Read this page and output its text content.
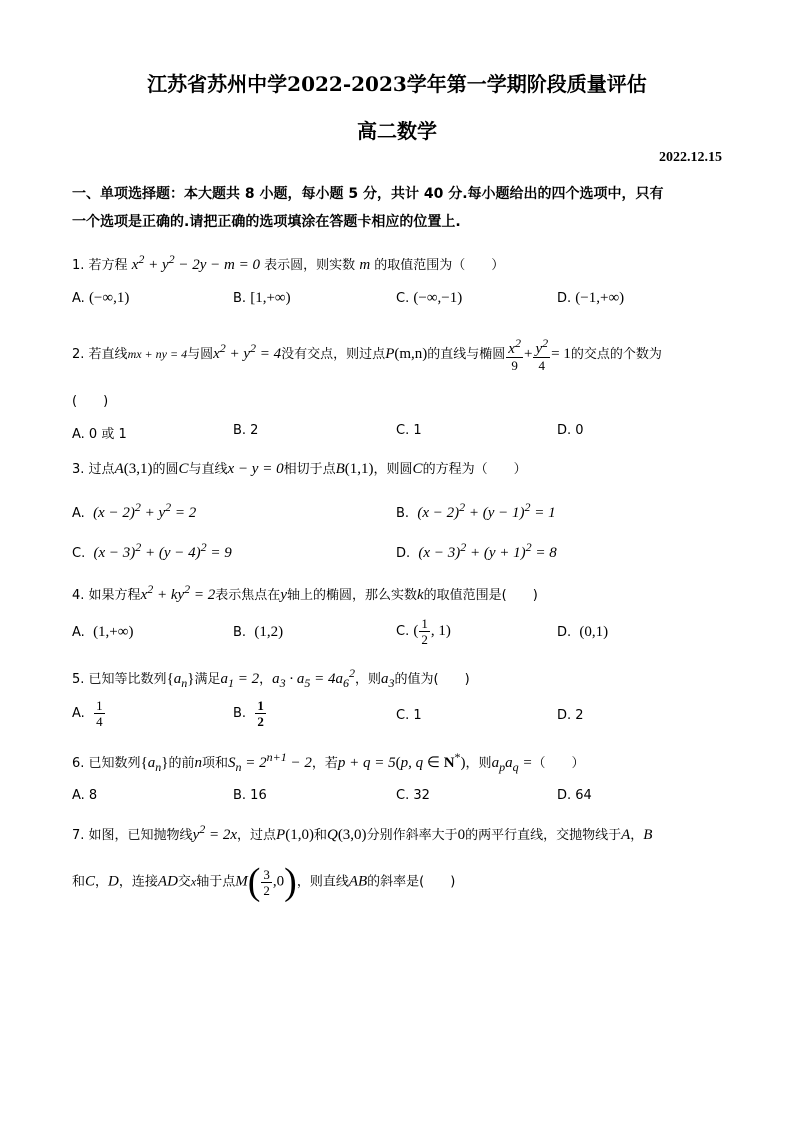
江苏省苏州中学2022-2023学年第一学期阶段质量评估
高二数学
2022.12.15
一、单项选择题：本大题共 8 小题，每小题 5 分，共计 40 分.每小题给出的四个选项中，只有
一个选项是正确的.请把正确的选项填涂在答题卡相应的位置上.
1. 若方程 $x^2 + y^2 - 2y - m = 0$ 表示圆，则实数 m 的取值范围为（　　）
A. (−∞,1)	B. [1,+∞)	C. (−∞,−1)	D. (−1,+∞)
2. 若直线mx + ny = 4与圆$x^2 + y^2 = 4$没有交点，则过点P(m,n)的直线与椭圆 $\frac{x^2}{9} + \frac{y^2}{4} = 1$的交点的个数为
(　　)
A. 0 或 1	B. 2	C. 1	D. 0
3. 过点A(3,1)的圆C与直线x − y = 0相切于点B(1,1)，则圆C的方程为（　　）
A. $(x - 2)^2 + y^2 = 2$	B. $(x - 2)^2 + (y - 1)^2 = 1$
C. $(x - 3)^2 + (y - 4)^2 = 9$	D. $(x - 3)^2 + (y + 1)^2 = 8$
4. 如果方程$x^2 + ky^2 = 2$表示焦点在y轴上的椭圆，那么实数k的取值范围是(　　)
A. (1,+∞)	B. (1,2)	C. ( $\frac{1}{2}$ , 1)	D. (0,1)
5. 已知等比数列$\{a_n\}$满足$a_1 = 2$，$a_3 \cdot a_5 = 4a_6^2$，则$a_3$的值为(　　)
A. $\frac{1}{4}$	B. $\frac{1}{2}$	C. 1	D. 2
6. 已知数列$\{a_n\}$的前n项和$S_n = 2^{n+1} - 2$，若p + q = 5(p, q ∈ N*)，则$a_pa_q$ =（　　）
A. 8	B. 16	C. 32	D. 64
7. 如图，已知抛物线$y^2 = 2x$，过点P(1,0)和Q(3,0)分别作斜率大于0的两平行直线，交抛物线于A，B
和C，D，连接AD交x轴于点$M( \frac{3}{2} ,0)$，则直线AB的斜率是(　　)
